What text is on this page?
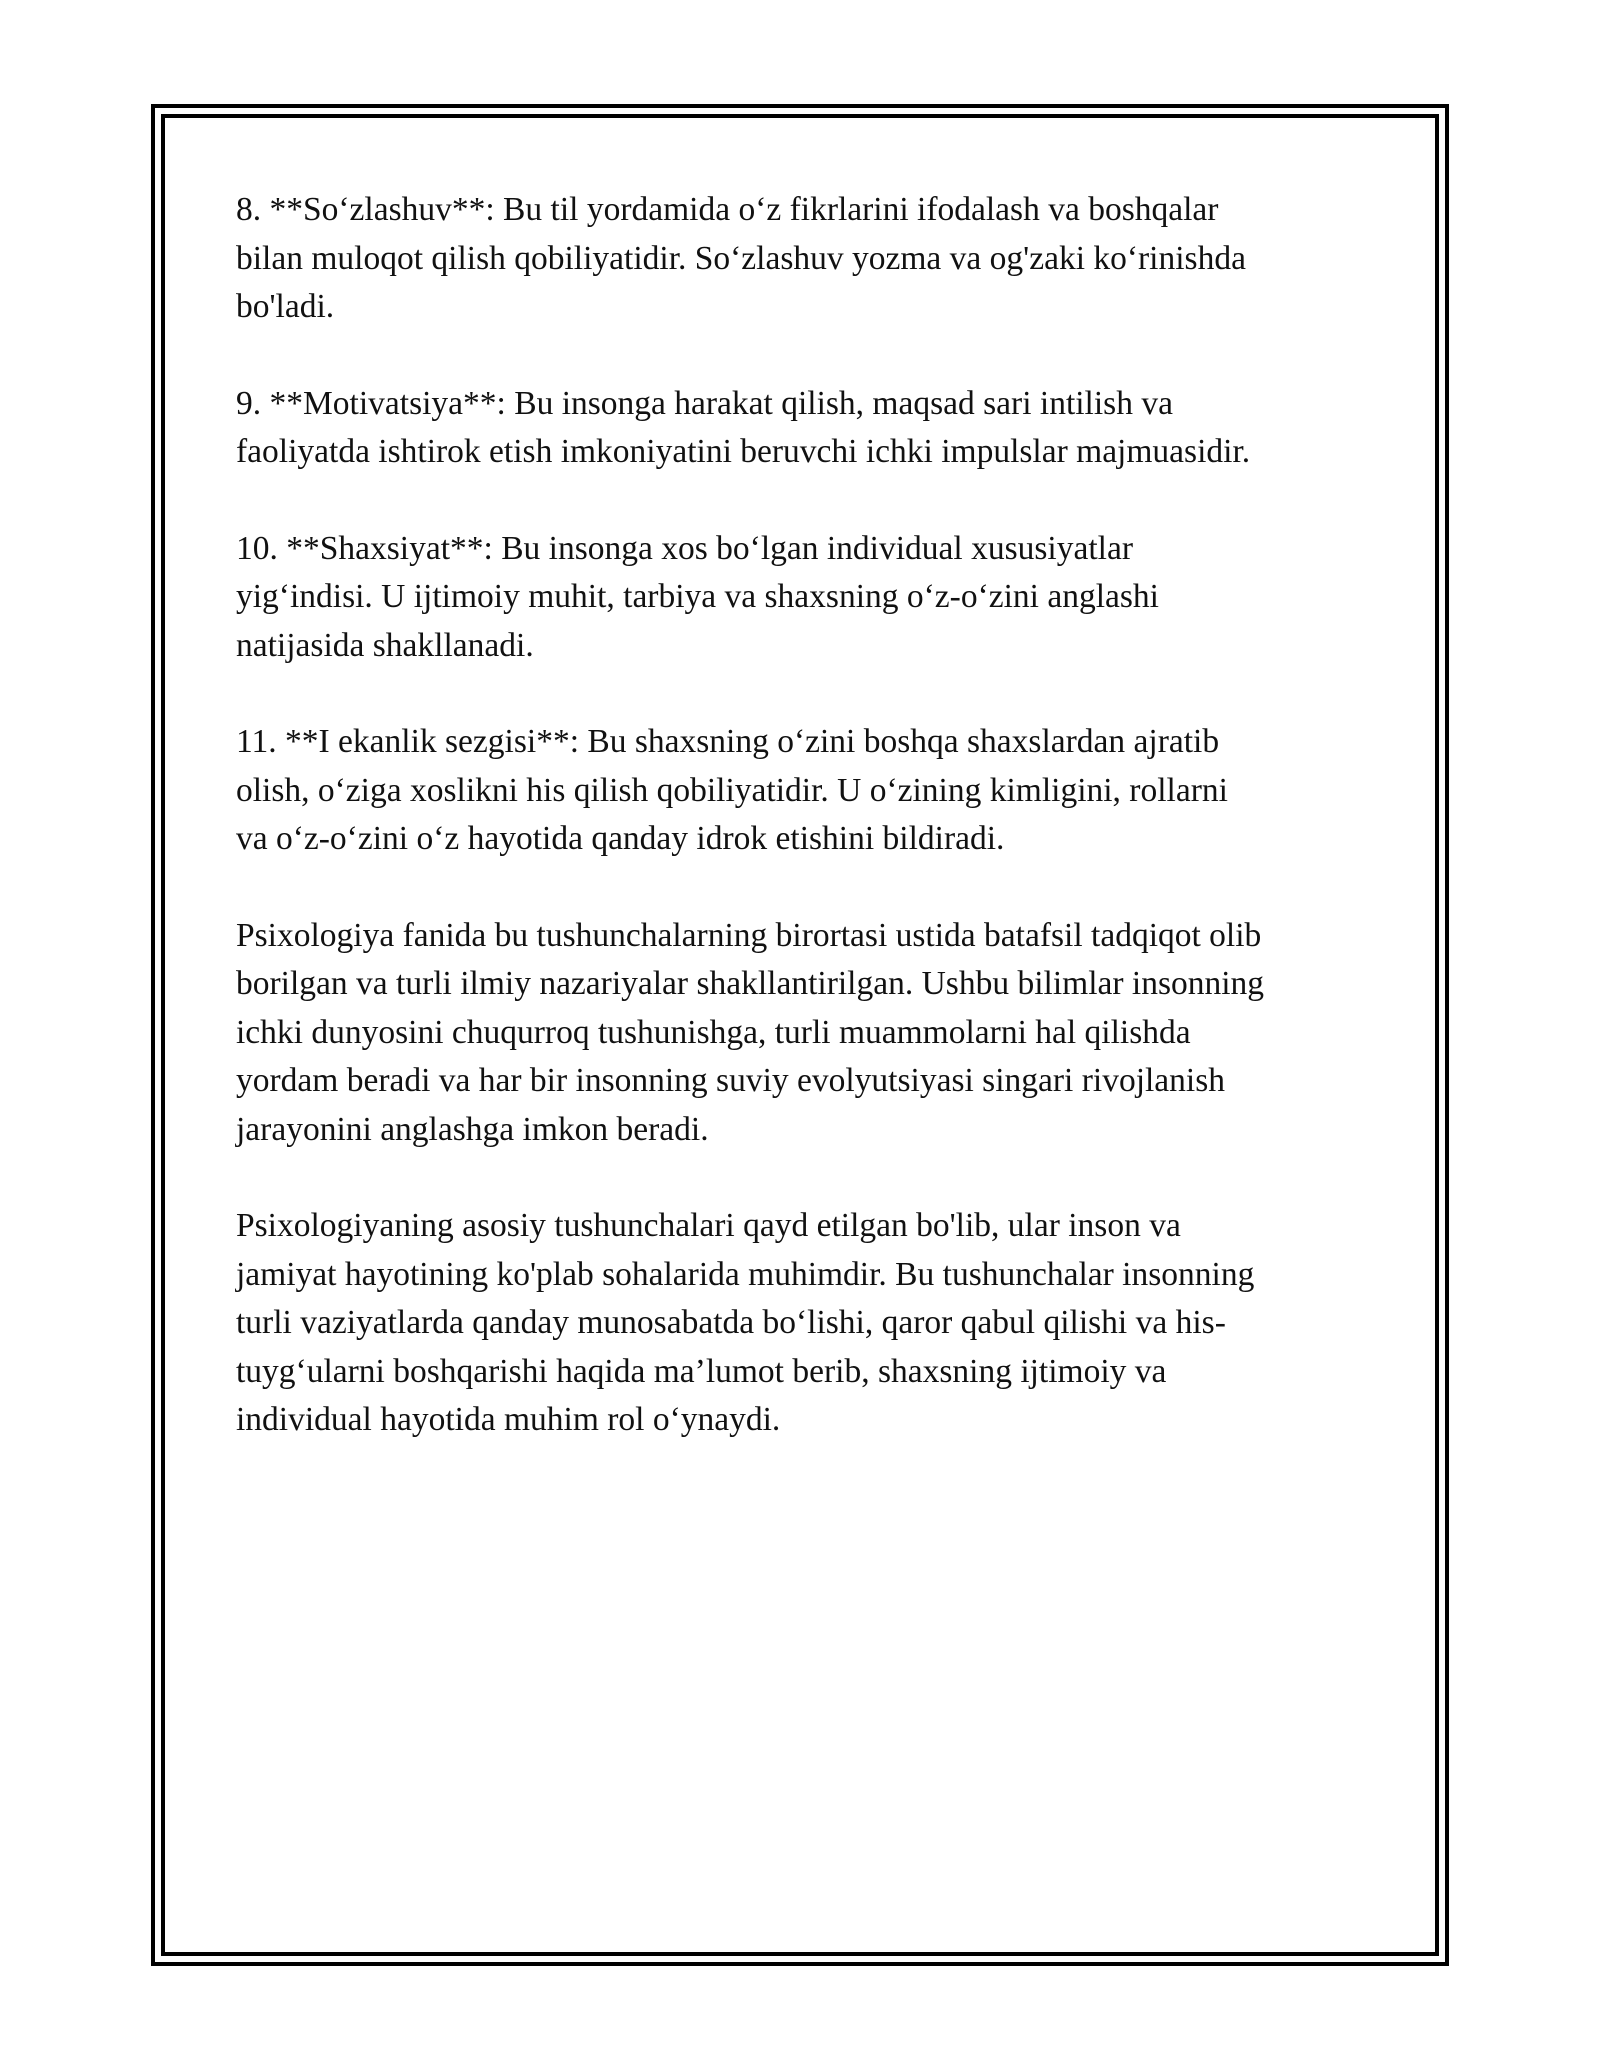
8. **So‘zlashuv**: Bu til yordamida o‘z fikrlarini ifodalash va boshqalar
bilan muloqot qilish qobiliyatidir. So‘zlashuv yozma va og'zaki ko‘rinishda
bo'ladi.

9. **Motivatsiya**: Bu insonga harakat qilish, maqsad sari intilish va
faoliyatda ishtirok etish imkoniyatini beruvchi ichki impulslar majmuasidir.

10. **Shaxsiyat**: Bu insonga xos bo‘lgan individual xususiyatlar
yig‘indisi. U ijtimoiy muhit, tarbiya va shaxsning o‘z-o‘zini anglashi
natijasida shakllanadi.

11. **I ekanlik sezgisi**: Bu shaxsning o‘zini boshqa shaxslardan ajratib
olish, o‘ziga xoslikni his qilish qobiliyatidir. U o‘zining kimligini, rollarni
va o‘z-o‘zini o‘z hayotida qanday idrok etishini bildiradi.

Psixologiya fanida bu tushunchalarning birortasi ustida batafsil tadqiqot olib
borilgan va turli ilmiy nazariyalar shakllantirilgan. Ushbu bilimlar insonning
ichki dunyosini chuqurroq tushunishga, turli muammolarni hal qilishda
yordam beradi va har bir insonning suviy evolyutsiyasi singari rivojlanish
jarayonini anglashga imkon beradi.

Psixologiyaning asosiy tushunchalari qayd etilgan bo'lib, ular inson va
jamiyat hayotining ko'plab sohalarida muhimdir. Bu tushunchalar insonning
turli vaziyatlarda qanday munosabatda bo‘lishi, qaror qabul qilishi va his-
tuyg‘ularni boshqarishi haqida ma’lumot berib, shaxsning ijtimoiy va
individual hayotida muhim rol o‘ynaydi.
